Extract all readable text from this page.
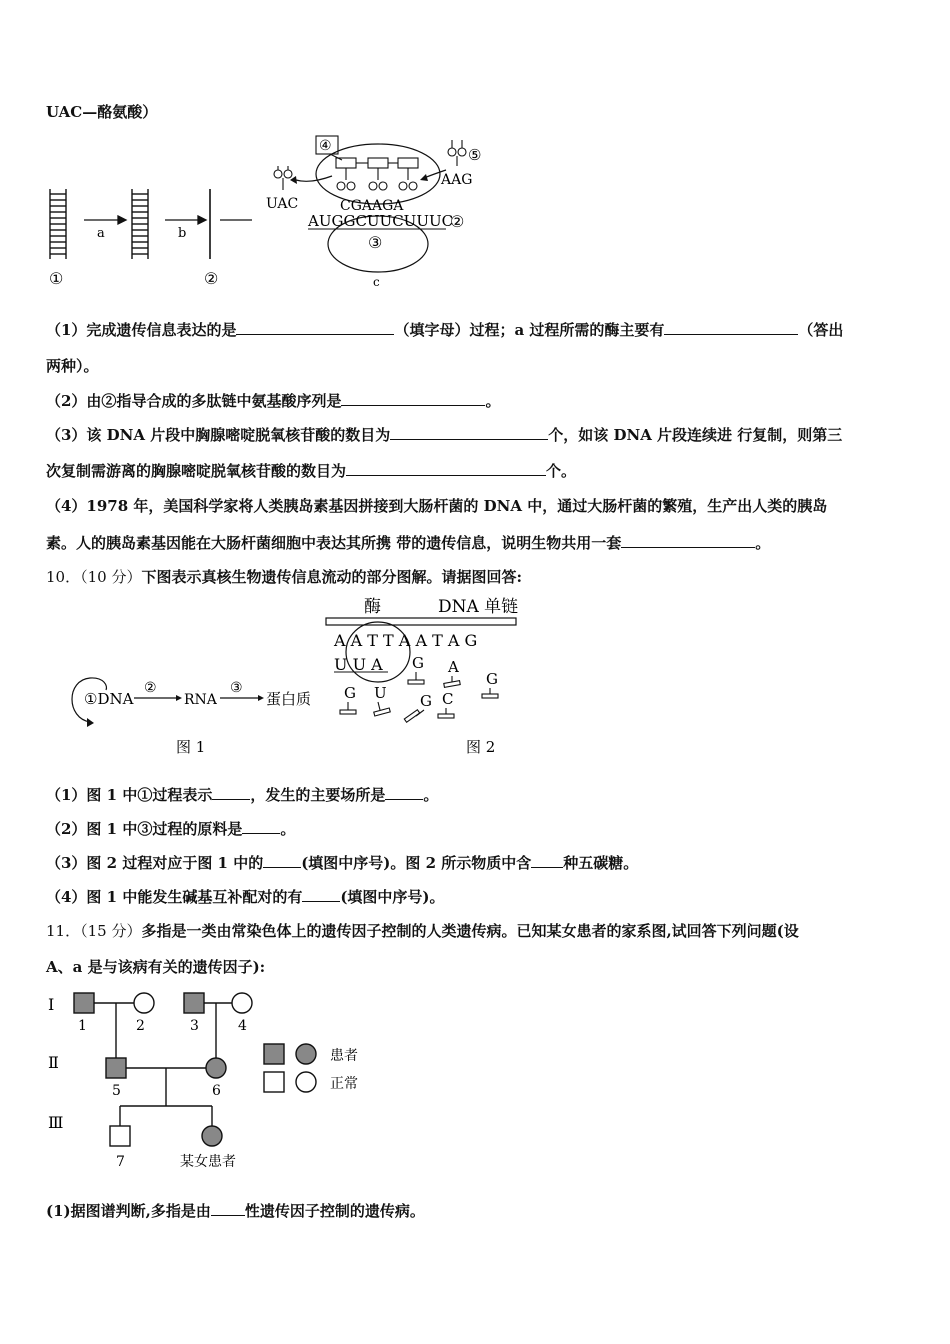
UAC—酪氨酸）
①
a	b
②
③
c
AUGGCUUCUUUC
②
CGAAGA
④
UAC
⑤
AAG
（1）完成遗传信息表达的是	（填字母）过程；a 过程所需的酶主要有	（答出
两种）。
（2）由②指导合成的多肽链中氨基酸序列是	。
（3）该 DNA 片段中胸腺嘧啶脱氧核苷酸的数目为	个，如该 DNA 片段连续进 行复制，则第三
次复制需游离的胸腺嘧啶脱氧核苷酸的数目为	个。
（4）1978 年，美国科学家将人类胰岛素基因拼接到大肠杆菌的 DNA 中，通过大肠杆菌的繁殖，生产出人类的胰岛
素。人的胰岛素基因能在大肠杆菌细胞中表达其所携 带的遗传信息，说明生物共用一套	。
10．（10 分）下图表示真核生物遗传信息流动的部分图解。请据图回答:
①DNA
②
RNA
③
蛋白质
图 1
酶	DNA 单链
A A T T A A T A G
U U A G A
G
G U G C
图 2
（1）图 1 中①过程表示	，发生的主要场所是	。
（2）图 1 中③过程的原料是	。
（3）图 2 过程对应于图 1 中的	(填图中序号)。图 2 所示物质中含 种五碳糖。
（4）图 1 中能发生碱基互补配对的有	(填图中序号)。
11．（15 分）多指是一类由常染色体上的遗传因子控制的人类遗传病。已知某女患者的家系图,试回答下列问题(设
A、a 是与该病有关的遗传因子):
Ⅰ
Ⅱ
Ⅲ
1	2	3	4
5	6
7	某女患者
患者
正常
(1)据图谱判断,多指是由 性遗传因子控制的遗传病。
